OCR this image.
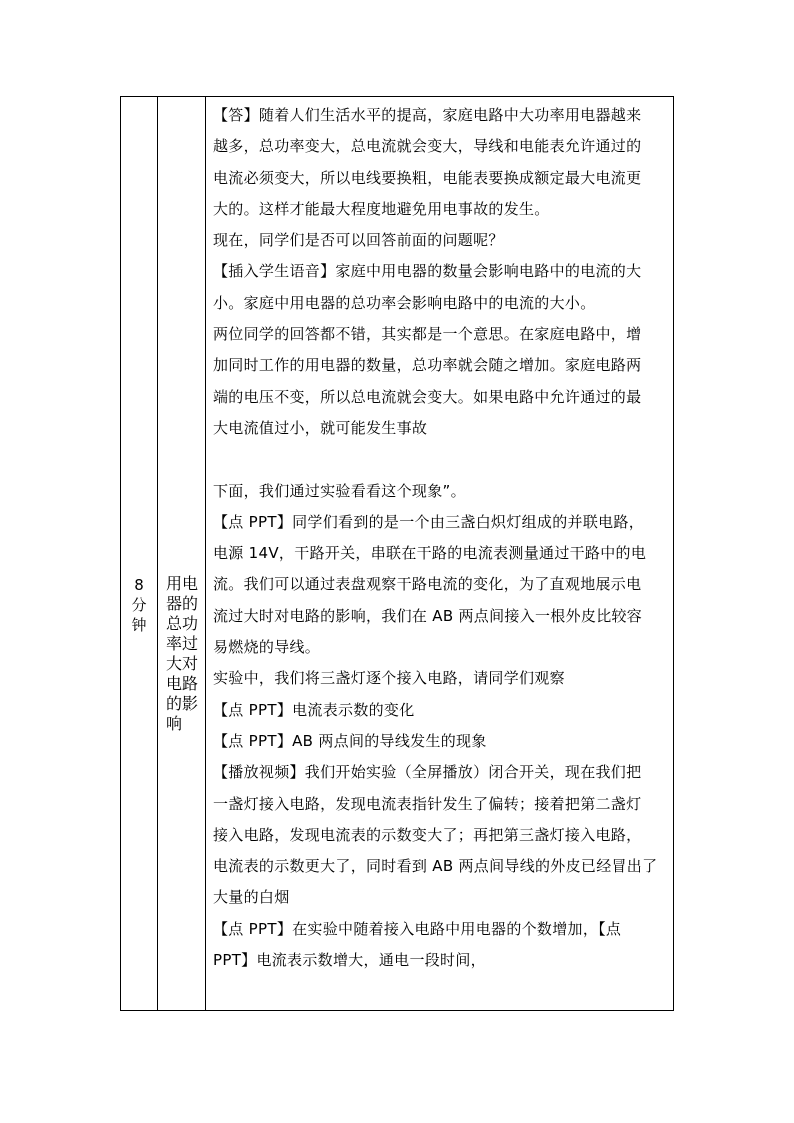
8分钟
用电器的总功率过大对电路的影响

【答】随着人们生活水平的提高，家庭电路中大功率用电器越来

越多，总功率变大，总电流就会变大，导线和电能表允许通过的

电流必须变大，所以电线要换粗，电能表要换成额定最大电流更

大的。这样才能最大程度地避免用电事故的发生。

现在，同学们是否可以回答前面的问题呢？

【插入学生语音】家庭中用电器的数量会影响电路中的电流的大

小。家庭中用电器的总功率会影响电路中的电流的大小。

两位同学的回答都不错，其实都是一个意思。在家庭电路中，增

加同时工作的用电器的数量，总功率就会随之增加。家庭电路两

端的电压不变，所以总电流就会变大。如果电路中允许通过的最

大电流值过小，就可能发生事故

下面，我们通过实验看看这个现象”。

【点 PPT】同学们看到的是一个由三盏白炽灯组成的并联电路，

电源 14V，干路开关，串联在干路的电流表测量通过干路中的电

流。我们可以通过表盘观察干路电流的变化，为了直观地展示电

流过大时对电路的影响，我们在 AB 两点间接入一根外皮比较容

易燃烧的导线。

实验中，我们将三盏灯逐个接入电路，请同学们观察

【点 PPT】电流表示数的变化

【点 PPT】AB 两点间的导线发生的现象

【播放视频】我们开始实验（全屏播放）闭合开关，现在我们把

一盏灯接入电路，发现电流表指针发生了偏转；接着把第二盏灯

接入电路，发现电流表的示数变大了；再把第三盏灯接入电路，

电流表的示数更大了，同时看到 AB 两点间导线的外皮已经冒出了

大量的白烟

【点 PPT】在实验中随着接入电路中用电器的个数增加，【点

PPT】电流表示数增大，通电一段时间，
